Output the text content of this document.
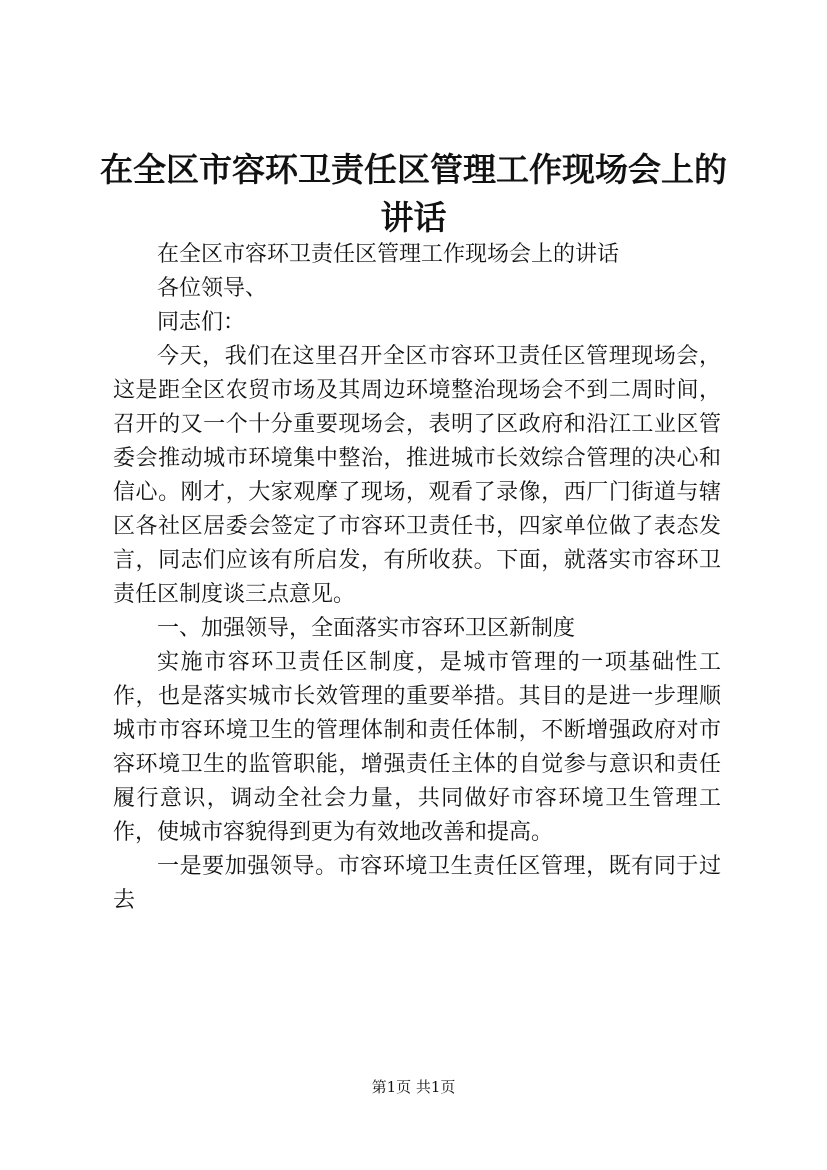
在全区市容环卫责任区管理工作现场会上的讲话

在全区市容环卫责任区管理工作现场会上的讲话

各位领导、

同志们：

今天，我们在这里召开全区市容环卫责任区管理现场会，这是距全区农贸市场及其周边环境整治现场会不到二周时间，召开的又一个十分重要现场会，表明了区政府和沿江工业区管委会推动城市环境集中整治，推进城市长效综合管理的决心和信心。刚才，大家观摩了现场，观看了录像，西厂门街道与辖区各社区居委会签定了市容环卫责任书，四家单位做了表态发言，同志们应该有所启发，有所收获。下面，就落实市容环卫责任区制度谈三点意见。

一、加强领导，全面落实市容环卫区新制度

实施市容环卫责任区制度，是城市管理的一项基础性工作，也是落实城市长效管理的重要举措。其目的是进一步理顺城市市容环境卫生的管理体制和责任体制，不断增强政府对市容环境卫生的监管职能，增强责任主体的自觉参与意识和责任履行意识，调动全社会力量，共同做好市容环境卫生管理工作，使城市容貌得到更为有效地改善和提高。

一是要加强领导。市容环境卫生责任区管理，既有同于过去

第1页 共1页
